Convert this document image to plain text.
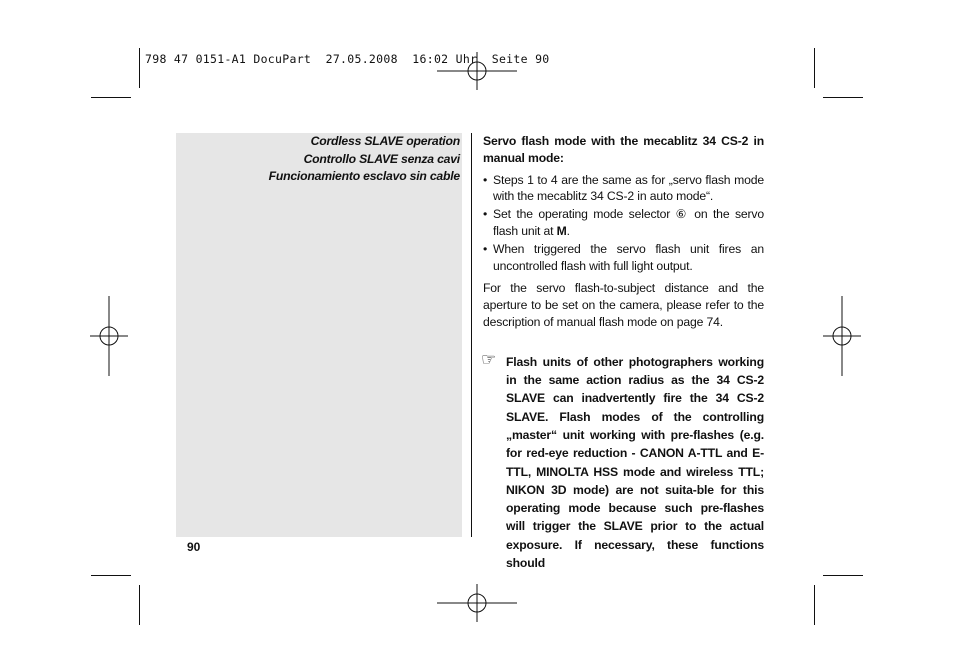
798 47 0151-A1 DocuPart  27.05.2008  16:02 Uhr  Seite 90
Cordless SLAVE operation
Controllo SLAVE senza cavi
Funcionamiento esclavo sin cable
Servo flash mode with the mecablitz 34 CS-2 in manual mode:
• Steps 1 to 4 are the same as for „servo flash mode with the mecablitz 34 CS-2 in auto mode“.
• Set the operating mode selector ⑥ on the servo flash unit at M.
• When triggered the servo flash unit fires an uncontrolled flash with full light output.

For the servo flash-to-subject distance and the aperture to be set on the camera, please refer to the description of manual flash mode on page 74.

☞ Flash units of other photographers working in the same action radius as the 34 CS-2 SLAVE can inadvertently fire the 34 CS-2 SLAVE. Flash modes of the controlling „master“ unit working with pre-flashes (e.g. for red-eye reduction - CANON A-TTL and E-TTL, MINOLTA HSS mode and wireless TTL; NIKON 3D mode) are not suita-ble for this operating mode because such pre-flashes will trigger the SLAVE prior to the actual exposure. If necessary, these functions should
90
